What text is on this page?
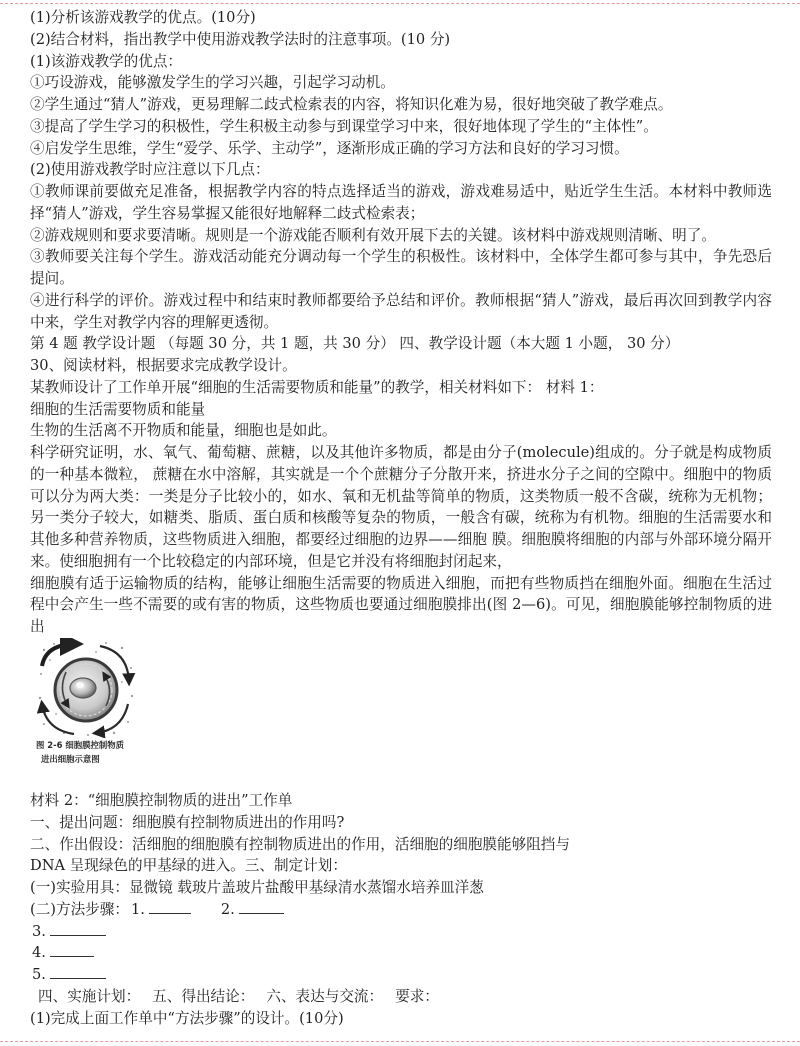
(1)分析该游戏教学的优点。(10分)

(2)结合材料，指出教学中使用游戏教学法时的注意事项。(10 分)

(1)该游戏教学的优点：

①巧设游戏，能够激发学生的学习兴趣，引起学习动机。

②学生通过“猜人”游戏，更易理解二歧式检索表的内容，将知识化难为易，很好地突破了教学难点。

③提高了学生学习的积极性，学生积极主动参与到课堂学习中来，很好地体现了学生的“主体性”。

④启发学生思维，学生“爱学、乐学、主动学”，逐渐形成正确的学习方法和良好的学习习惯。

(2)使用游戏教学时应注意以下几点：

①教师课前要做充足准备，根据教学内容的特点选择适当的游戏，游戏难易适中，贴近学生生活。本材料中教师选择“猜人”游戏，学生容易掌握又能很好地解释二歧式检索表；

②游戏规则和要求要清晰。规则是一个游戏能否顺利有效开展下去的关键。该材料中游戏规则清晰、明了。

③教师要关注每个学生。游戏活动能充分调动每一个学生的积极性。该材料中，全体学生都可参与其中，争先恐后提问。

④进行科学的评价。游戏过程中和结束时教师都要给予总结和评价。教师根据“猜人”游戏，最后再次回到教学内容中来，学生对教学内容的理解更透彻。

第 4 题 教学设计题 （每题 30 分，共 1 题，共 30 分） 四、教学设计题（本大题 1 小题， 30 分）

30、阅读材料，根据要求完成教学设计。

某教师设计了工作单开展“细胞的生活需要物质和能量”的教学，相关材料如下： 材料 1：

细胞的生活需要物质和能量

生物的生活离不开物质和能量，细胞也是如此。

科学研究证明，水、氧气、葡萄糖、蔗糖，以及其他许多物质，都是由分子(molecule)组成的。分子就是构成物质的一种基本微粒， 蔗糖在水中溶解，其实就是一个个蔗糖分子分散开来，挤进水分子之间的空隙中。细胞中的物质可以分为两大类：一类是分子比较小的，如水、氧和无机盐等简单的物质，这类物质一般不含碳，统称为无机物；另一类分子较大，如糖类、脂质、蛋白质和核酸等复杂的物质，一般含有碳，统称为有机物。细胞的生活需要水和其他多种营养物质，这些物质进入细胞，都要经过细胞的边界——细胞 膜。细胞膜将细胞的内部与外部环境分隔开来。使细胞拥有一个比较稳定的内部环境，但是它并没有将细胞封闭起来，

细胞膜有适于运输物质的结构，能够让细胞生活需要的物质进入细胞，而把有些物质挡在细胞外面。细胞在生活过程中会产生一些不需要的或有害的物质，这些物质也要通过细胞膜排出(图 2—6)。可见，细胞膜能够控制物质的进出

图 2-6 细胞膜控制物质
进出细胞示意图

材料 2：“细胞膜控制物质的进出”工作单

一、提出问题：细胞膜有控制物质进出的作用吗?

二、作出假设：活细胞的细胞膜有控制物质进出的作用，活细胞的细胞膜能够阻挡与

DNA 呈现绿色的甲基绿的进入。三、制定计划：

(一)实验用具：显微镜 载玻片盖玻片盐酸甲基绿清水蒸馏水培养皿洋葱

(二)方法步骤： 1.	2.

3.

4.

5.

四、实施计划： 五、得出结论： 六、表达与交流： 要求：

(1)完成上面工作单中“方法步骤”的设计。(10分)
